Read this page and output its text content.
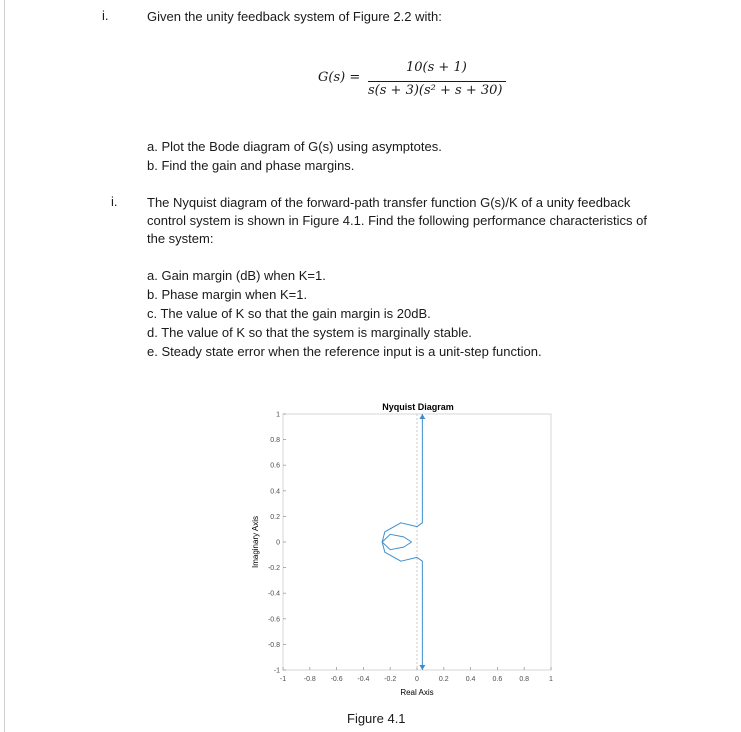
i.	Given the unity feedback system of Figure 2.2 with:
G(s) =
10(s + 1)
s(s + 3)(s² + s + 30)
a. Plot the Bode diagram of G(s) using asymptotes.
b. Find the gain and phase margins.
i. The Nyquist diagram of the forward-path transfer function G(s)/K of a unity feedback
control system is shown in Figure 4.1. Find the following performance characteristics of
the system:
a. Gain margin (dB) when K=1.
b. Phase margin when K=1.
c. The value of K so that the gain margin is 20dB.
d. The value of K so that the system is marginally stable.
e. Steady state error when the reference input is a unit-step function.
Nyquist Diagram
1
0.8
0.6
0.4
0.2
0
-0.2
-0.4
-0.6
-0.8
-1
-1	-0.8 -0.6 -0.4 -0.2	0	0.2 0.4 0.6 0.8	1
Imaginary Axis
Real Axis
Figure 4.1
